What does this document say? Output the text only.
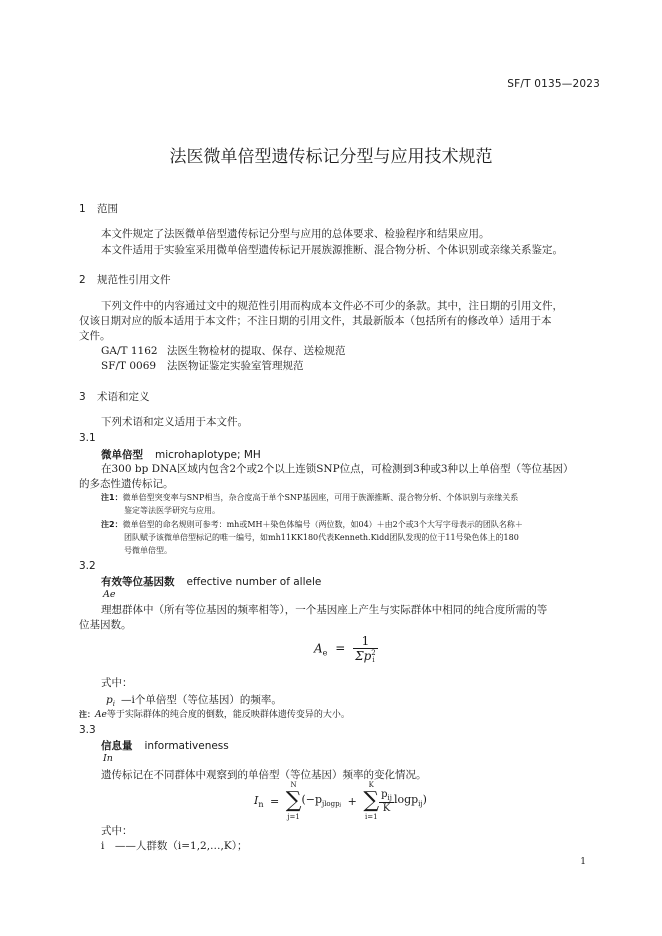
SF/T 0135—2023
法医微单倍型遗传标记分型与应用技术规范
1 范围
本文件规定了法医微单倍型遗传标记分型与应用的总体要求、检验程序和结果应用。
本文件适用于实验室采用微单倍型遗传标记开展族源推断、混合物分析、个体识别或亲缘关系鉴定。
2 规范性引用文件
下列文件中的内容通过文中的规范性引用而构成本文件必不可少的条款。其中，注日期的引用文件，
仅该日期对应的版本适用于本文件；不注日期的引用文件，其最新版本（包括所有的修改单）适用于本
文件。
GA/T 1162 法医生物检材的提取、保存、送检规范
SF/T 0069 法医物证鉴定实验室管理规范
3 术语和定义
下列术语和定义适用于本文件。
3.1
微单倍型 microhaplotype; MH
在300 bp DNA区域内包含2个或2个以上连锁SNP位点，可检测到3种或3种以上单倍型（等位基因）
的多态性遗传标记。
注1：微单倍型突变率与SNP相当，杂合度高于单个SNP基因座，可用于族源推断、混合物分析、个体识别与亲缘关系
鉴定等法医学研究与应用。
注2：微单倍型的命名规则可参考：mh或MH＋染色体编号（两位数，如04）＋由2个或3个大写字母表示的团队名称＋
团队赋予该微单倍型标记的唯一编号，如mh11KK180代表Kenneth.Kidd团队发现的位于11号染色体上的180
号微单倍型。
3.2
有效等位基因数 effective number of allele
Ae
理想群体中（所有等位基因的频率相等），一个基因座上产生与实际群体中相同的纯合度所需的等
位基因数。
$A_e = 1$
Σp 2
i
式中：
$p_i$ —i个单倍型（等位基因）的频率。
注：Ae等于实际群体的纯合度的倒数，能反映群体遗传变异的大小。
3.3
信息量 informativeness
In
遗传标记在不同群体中观察到的单倍型（等位基因）频率的变化情况。
$I_n$ =
N
∑
j=1
($-p_{jlogpj}$ +
K
∑
i=1
$\frac{p_{ij}}{K} \log p_{ij}$)
式中：
i　——人群数（i=1,2,…,K）；
1
